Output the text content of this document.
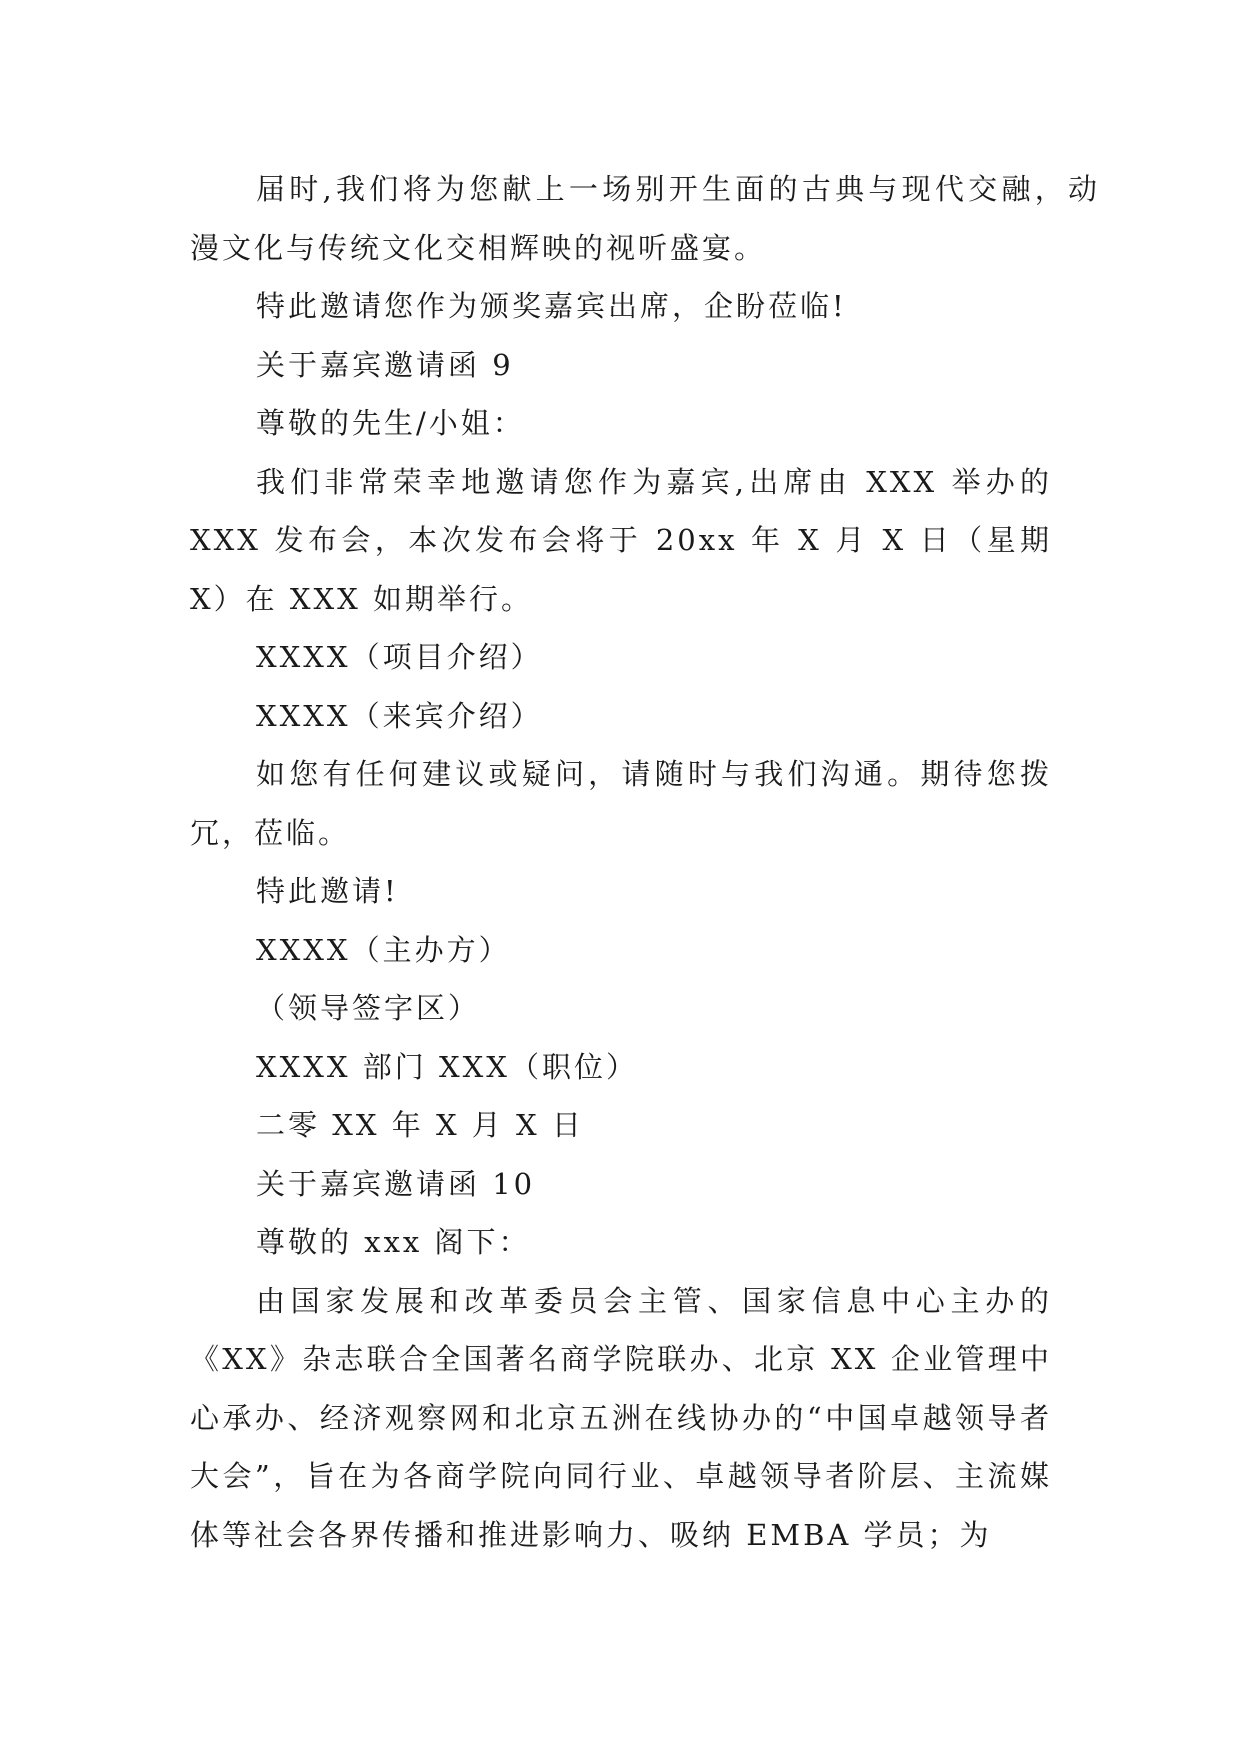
届时,我们将为您献上一场别开生面的古典与现代交融，动漫文化与传统文化交相辉映的视听盛宴。

特此邀请您作为颁奖嘉宾出席，企盼莅临!

关于嘉宾邀请函 9

尊敬的先生/小姐：

我们非常荣幸地邀请您作为嘉宾,出席由 XXX 举办的 XXX 发布会，本次发布会将于 20xx 年 X 月 X 日（星期 X）在 XXX 如期举行。

XXXX（项目介绍）

XXXX（来宾介绍）

如您有任何建议或疑问，请随时与我们沟通。期待您拨冗，莅临。

特此邀请!

XXXX（主办方）

（领导签字区）

XXXX 部门 XXX（职位）

二零 XX 年 X 月 X 日

关于嘉宾邀请函 10

尊敬的 xxx 阁下：

由国家发展和改革委员会主管、国家信息中心主办的《XX》杂志联合全国著名商学院联办、北京 XX 企业管理中心承办、经济观察网和北京五洲在线协办的“中国卓越领导者大会”，旨在为各商学院向同行业、卓越领导者阶层、主流媒体等社会各界传播和推进影响力、吸纳 EMBA 学员；为
